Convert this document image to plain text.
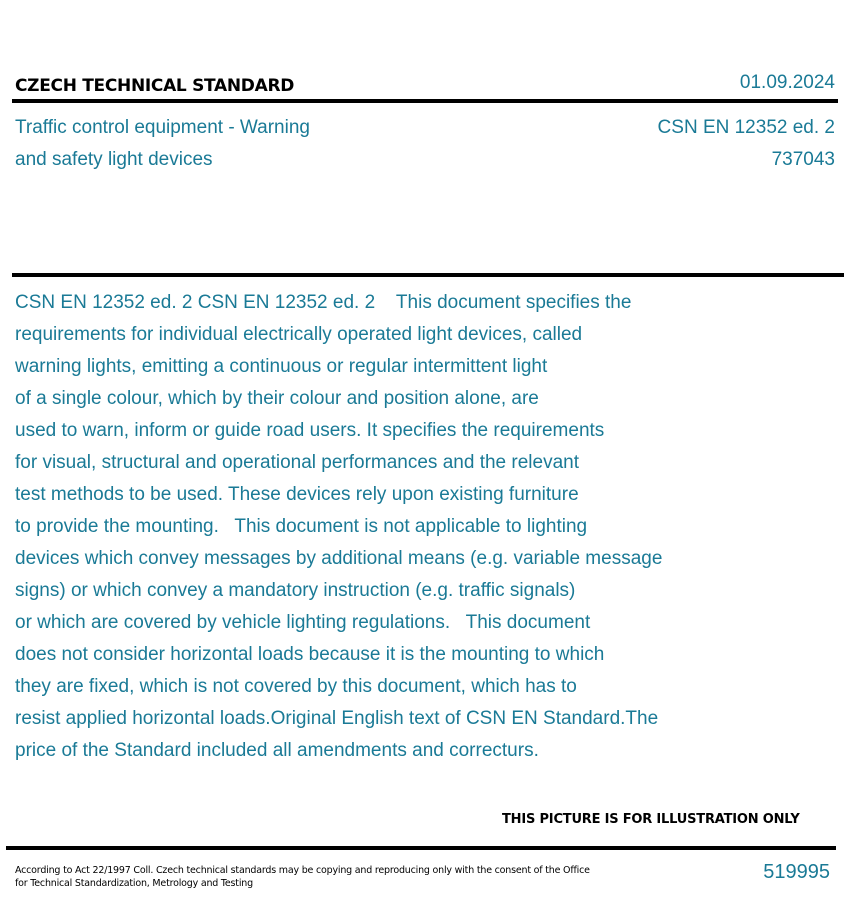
CZECH TECHNICAL STANDARD	01.09.2024
Traffic control equipment - Warning
and safety light devices
CSN EN 12352 ed. 2
737043
CSN EN 12352 ed. 2 CSN EN 12352 ed. 2    This document specifies the
requirements for individual electrically operated light devices, called
warning lights, emitting a continuous or regular intermittent light
of a single colour, which by their colour and position alone, are
used to warn, inform or guide road users. It specifies the requirements
for visual, structural and operational performances and the relevant
test methods to be used. These devices rely upon existing furniture
to provide the mounting.   This document is not applicable to lighting
devices which convey messages by additional means (e.g. variable message
signs) or which convey a mandatory instruction (e.g. traffic signals)
or which are covered by vehicle lighting regulations.   This document
does not consider horizontal loads because it is the mounting to which
they are fixed, which is not covered by this document, which has to
resist applied horizontal loads.Original English text of CSN EN Standard.The
price of the Standard included all amendments and correcturs.
THIS PICTURE IS FOR ILLUSTRATION ONLY
According to Act 22/1997 Coll. Czech technical standards may be copying and reproducing only with the consent of the Office
for Technical Standardization, Metrology and Testing
519995
